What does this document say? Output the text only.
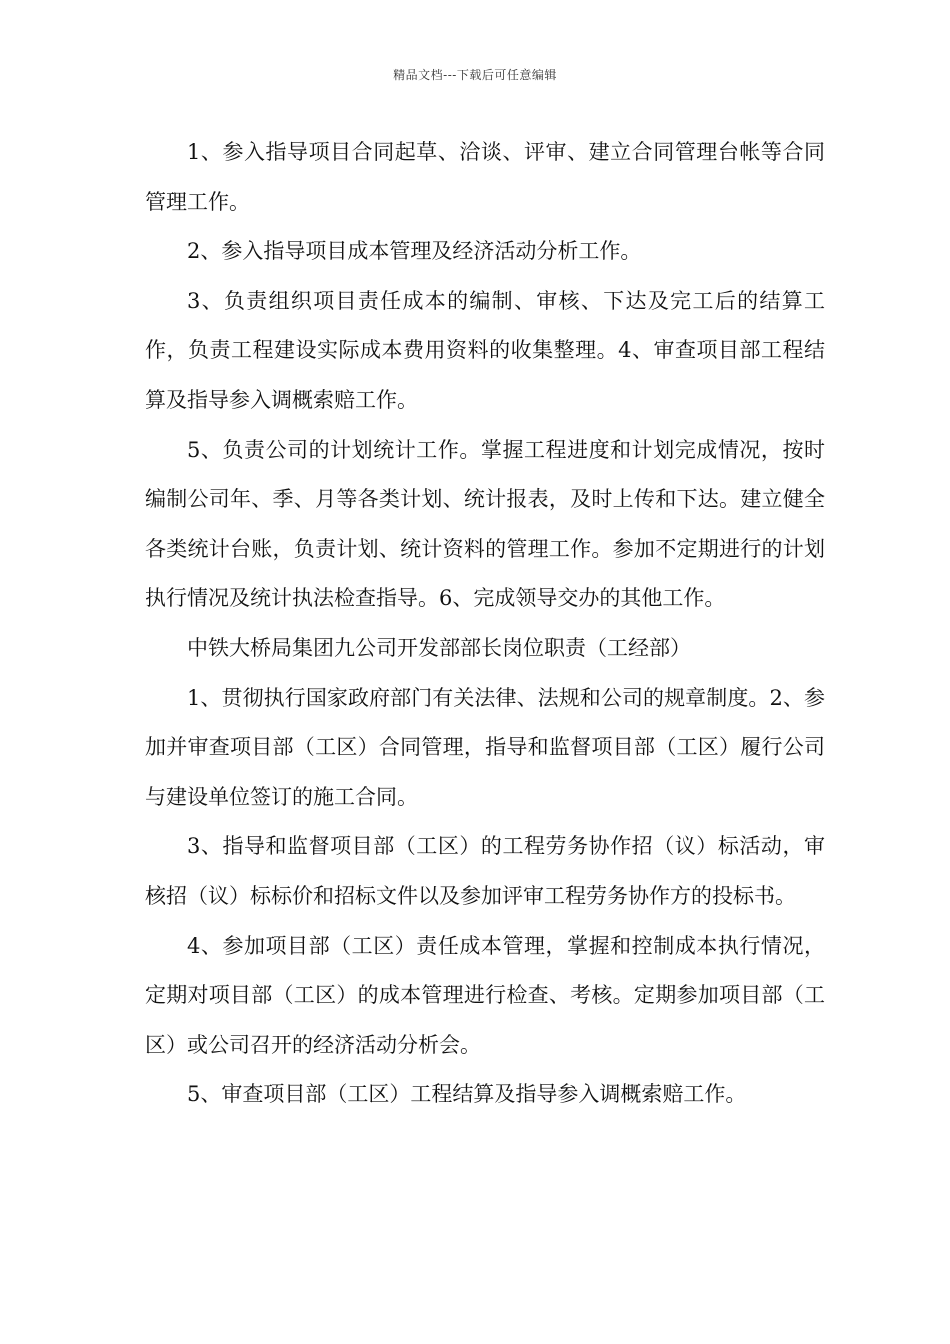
精品文档---下载后可任意编辑

1、参入指导项目合同起草、洽谈、评审、建立合同管理台帐等合同管理工作。

2、参入指导项目成本管理及经济活动分析工作。

3、负责组织项目责任成本的编制、审核、下达及完工后的结算工作，负责工程建设实际成本费用资料的收集整理。4、审查项目部工程结算及指导参入调概索赔工作。

5、负责公司的计划统计工作。掌握工程进度和计划完成情况，按时编制公司年、季、月等各类计划、统计报表，及时上传和下达。建立健全各类统计台账，负责计划、统计资料的管理工作。参加不定期进行的计划执行情况及统计执法检查指导。6、完成领导交办的其他工作。

中铁大桥局集团九公司开发部部长岗位职责（工经部）

1、贯彻执行国家政府部门有关法律、法规和公司的规章制度。2、参加并审查项目部（工区）合同管理，指导和监督项目部（工区）履行公司与建设单位签订的施工合同。

3、指导和监督项目部（工区）的工程劳务协作招（议）标活动，审核招（议）标标价和招标文件以及参加评审工程劳务协作方的投标书。

4、参加项目部（工区）责任成本管理，掌握和控制成本执行情况，定期对项目部（工区）的成本管理进行检查、考核。定期参加项目部（工区）或公司召开的经济活动分析会。

5、审查项目部（工区）工程结算及指导参入调概索赔工作。
